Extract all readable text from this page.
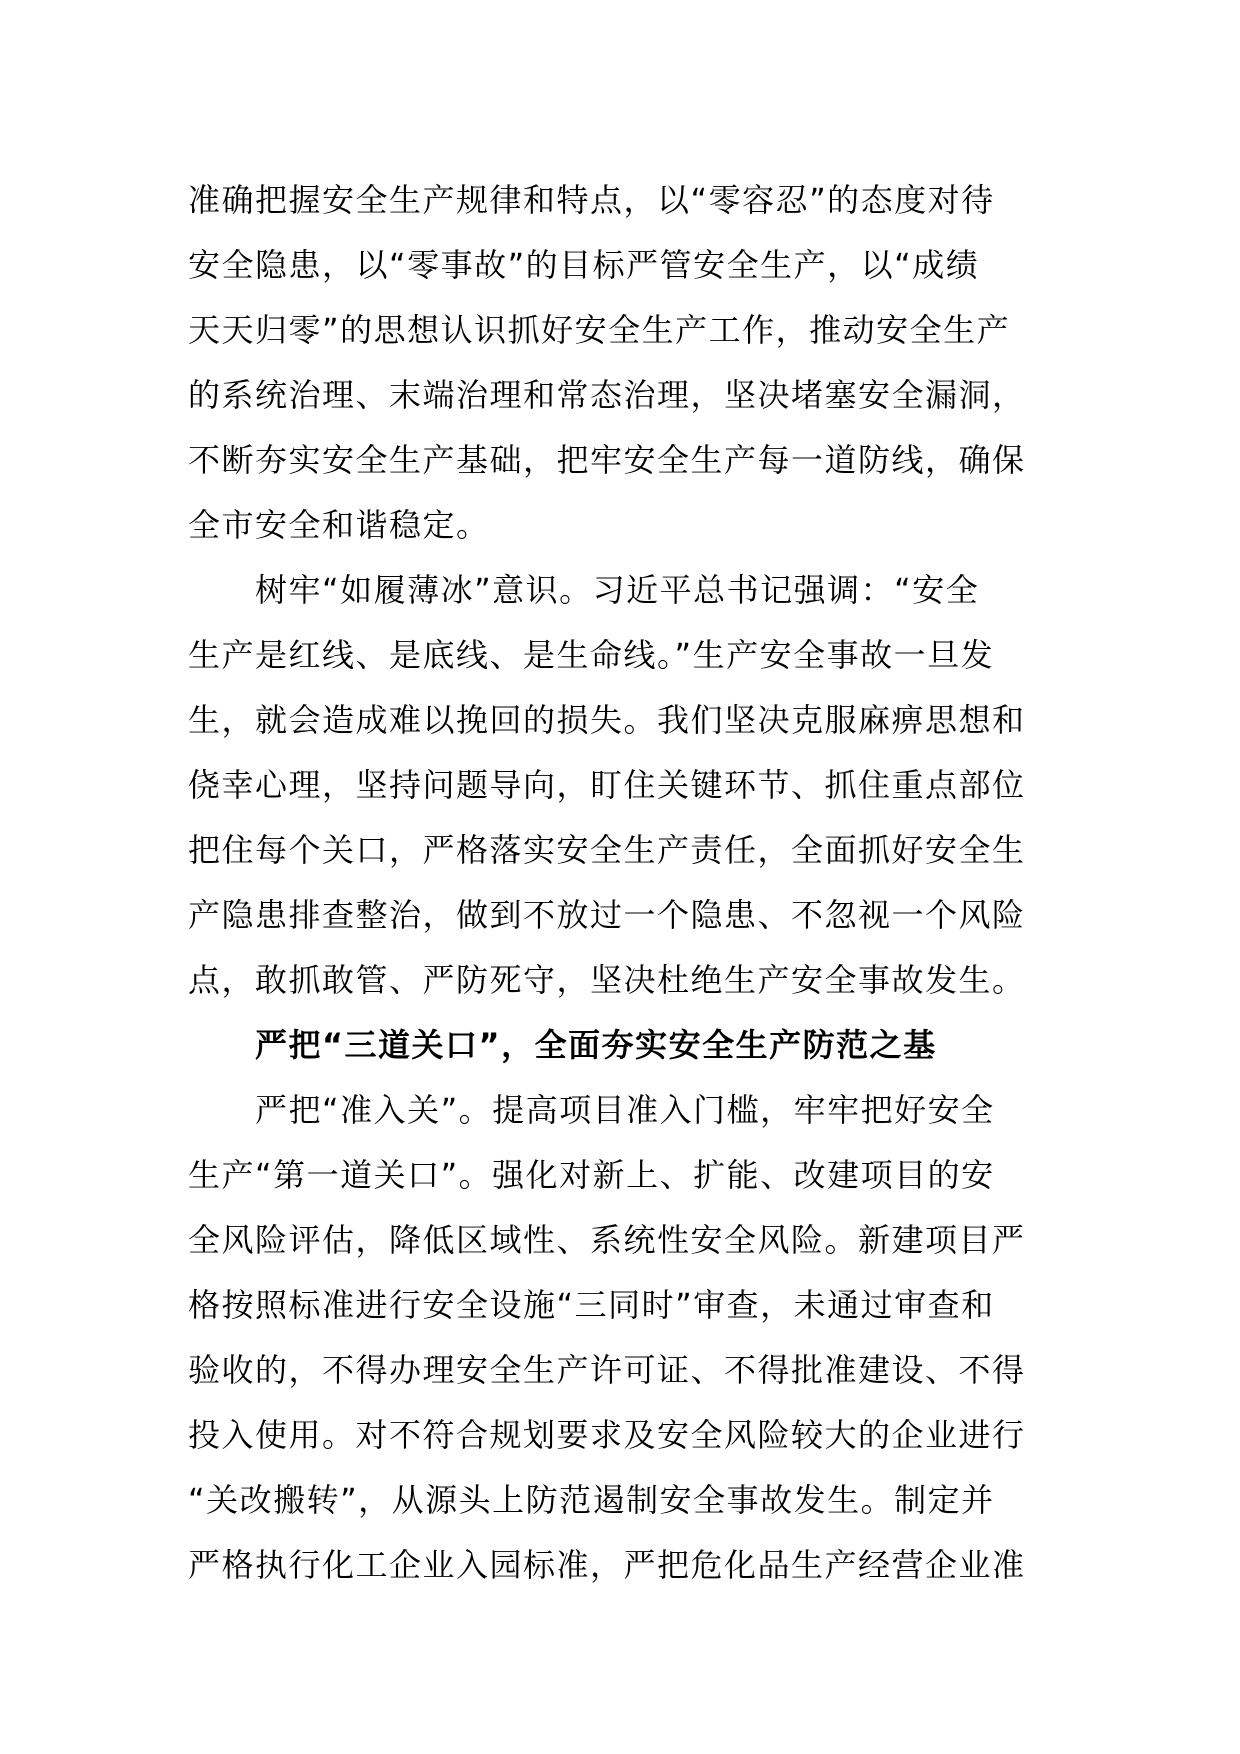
准确把握安全生产规律和特点，以“零容忍”的态度对待
安全隐患，以“零事故”的目标严管安全生产，以“成绩
天天归零”的思想认识抓好安全生产工作，推动安全生产
的系统治理、末端治理和常态治理，坚决堵塞安全漏洞，
不断夯实安全生产基础，把牢安全生产每一道防线，确保
全市安全和谐稳定。
树牢“如履薄冰”意识。习近平总书记强调：“安全
生产是红线、是底线、是生命线。”生产安全事故一旦发
生，就会造成难以挽回的损失。我们坚决克服麻痹思想和
侥幸心理，坚持问题导向，盯住关键环节、抓住重点部位
把住每个关口，严格落实安全生产责任，全面抓好安全生
产隐患排查整治，做到不放过一个隐患、不忽视一个风险
点，敢抓敢管、严防死守，坚决杜绝生产安全事故发生。
严把“三道关口”，全面夯实安全生产防范之基
严把“准入关”。提高项目准入门槛，牢牢把好安全
生产“第一道关口”。强化对新上、扩能、改建项目的安
全风险评估，降低区域性、系统性安全风险。新建项目严
格按照标准进行安全设施“三同时”审查，未通过审查和
验收的，不得办理安全生产许可证、不得批准建设、不得
投入使用。对不符合规划要求及安全风险较大的企业进行
“关改搬转”，从源头上防范遏制安全事故发生。制定并
严格执行化工企业入园标准，严把危化品生产经营企业准
